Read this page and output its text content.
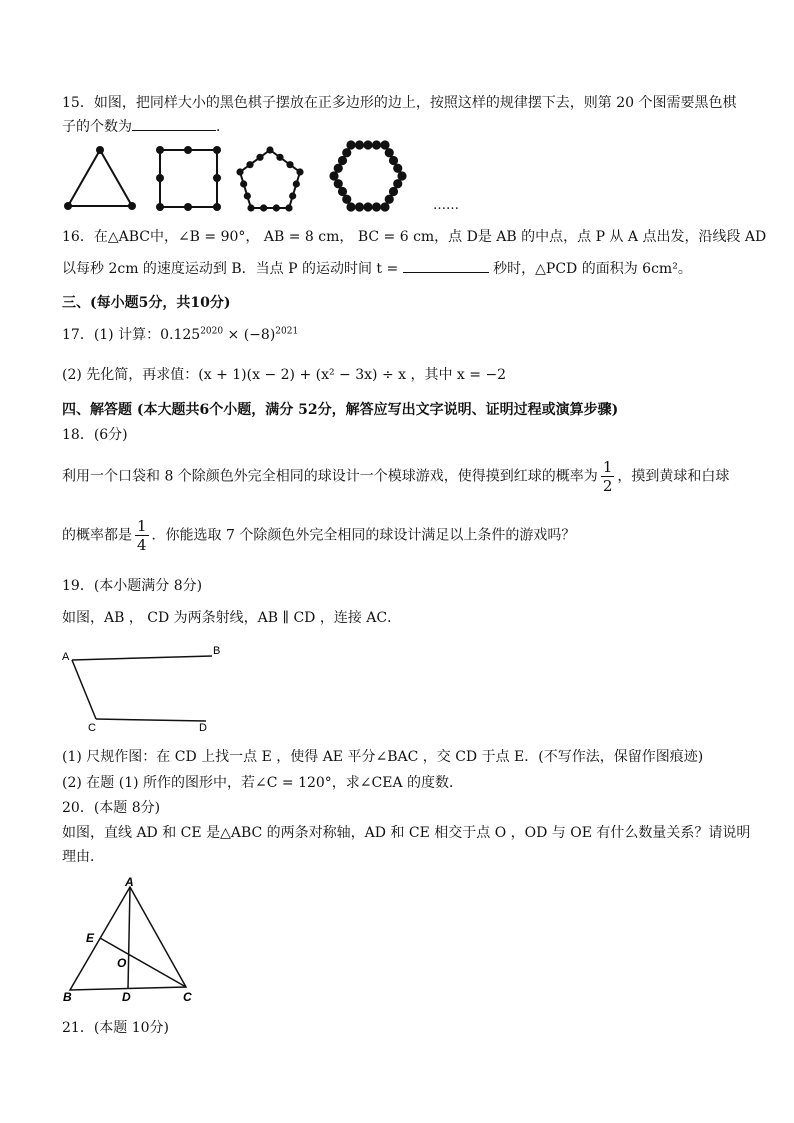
15．如图，把同样大小的黑色棋子摆放在正多边形的边上，按照这样的规律摆下去，则第 20 个图需要黑色棋
子的个数为	．
……
16．在△ABC中，∠B = 90°， AB = 8 cm， BC = 6 cm，点 D是 AB 的中点，点 P 从 A 点出发，沿线段 AD
以每秒 2cm 的速度运动到 B．当点 P 的运动时间 t =	秒时，△PCD 的面积为 6cm²。
三、(每小题5分，共10分)
17．(1) 计算：$0.125^{2020} \times (-8)^{2021}$
(2) 先化简，再求值：(x + 1)(x − 2) + (x² − 3x) ÷ x ，其中 x = −2
四、解答题 (本大题共6个小题，满分 52分，解答应写出文字说明、证明过程或演算步骤)
18．(6分)
利用一个口袋和 8 个除颜色外完全相同的球设计一个模球游戏，使得摸到红球的概率为 $\frac{1}{2}$ ，摸到黄球和白球
的概率都是 $\frac{1}{4}$ ．你能选取 7 个除颜色外完全相同的球设计满足以上条件的游戏吗？
19．(本小题满分 8分)
如图，AB ， CD 为两条射线，AB ∥ CD ，连接 AC．
A	B
C	D
(1) 尺规作图：在 CD 上找一点 E ，使得 AE 平分∠BAC ，交 CD 于点 E．(不写作法，保留作图痕迹)
(2) 在题 (1) 所作的图形中，若∠C = 120°，求∠CEA 的度数．
20．(本题 8分)
如图，直线 AD 和 CE 是△ABC 的两条对称轴，AD 和 CE 相交于点 O ，OD 与 OE 有什么数量关系？请说明
理由．
A
E
O
B	D	C
21．(本题 10分)
